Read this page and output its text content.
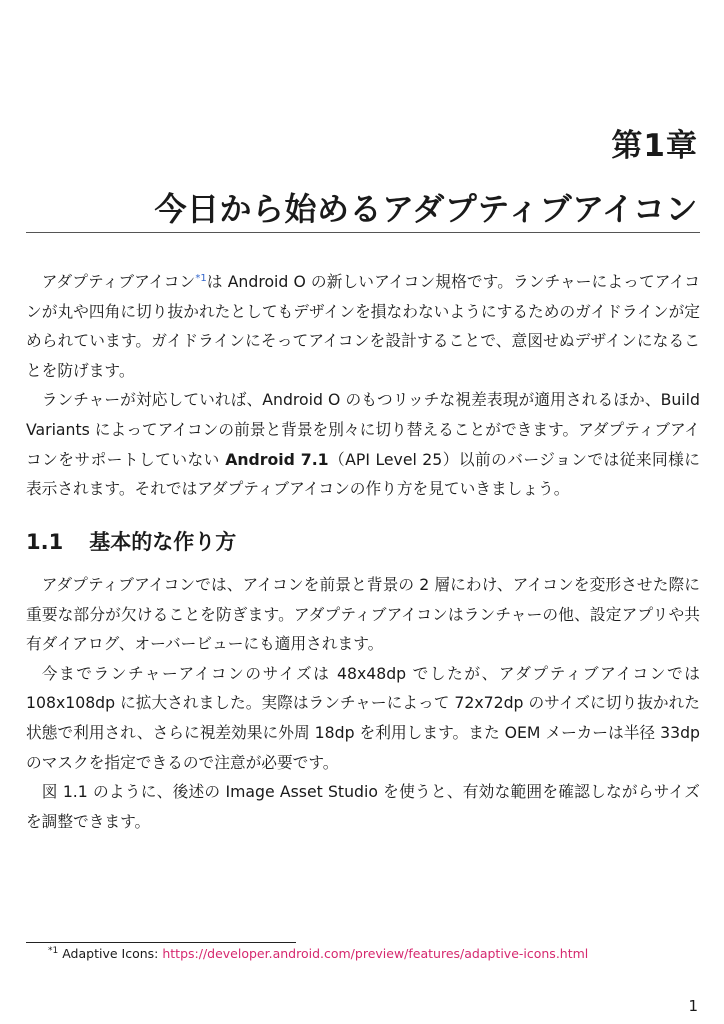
第1章
今日から始めるアダプティブアイコン

アダプティブアイコン$^{*1}$は Android O の新しいアイコン規格です。ランチャーによってアイコンが丸や四角に切り抜かれたとしてもデザインを損なわないようにするためのガイドラインが定められています。ガイドラインにそってアイコンを設計することで、意図せぬデザインになることを防げます。

ランチャーが対応していれば、Android O のもつリッチな視差表現が適用されるほか、Build Variants によってアイコンの前景と背景を別々に切り替えることができます。アダプティブアイコンをサポートしていない Android 7.1（API Level 25）以前のバージョンでは従来同様に表示されます。それではアダプティブアイコンの作り方を見ていきましょう。

1.1 基本的な作り方

アダプティブアイコンでは、アイコンを前景と背景の 2 層にわけ、アイコンを変形させた際に重要な部分が欠けることを防ぎます。アダプティブアイコンはランチャーの他、設定アプリや共有ダイアログ、オーバービューにも適用されます。

今までランチャーアイコンのサイズは 48x48dp でしたが、アダプティブアイコンでは 108x108dp に拡大されました。実際はランチャーによって 72x72dp のサイズに切り抜かれた状態で利用され、さらに視差効果に外周 18dp を利用します。また OEM メーカーは半径 33dp のマスクを指定できるので注意が必要です。

図 1.1 のように、後述の Image Asset Studio を使うと、有効な範囲を確認しながらサイズを調整できます。

$^{*1}$ Adaptive Icons: https://developer.android.com/preview/features/adaptive-icons.html
1
